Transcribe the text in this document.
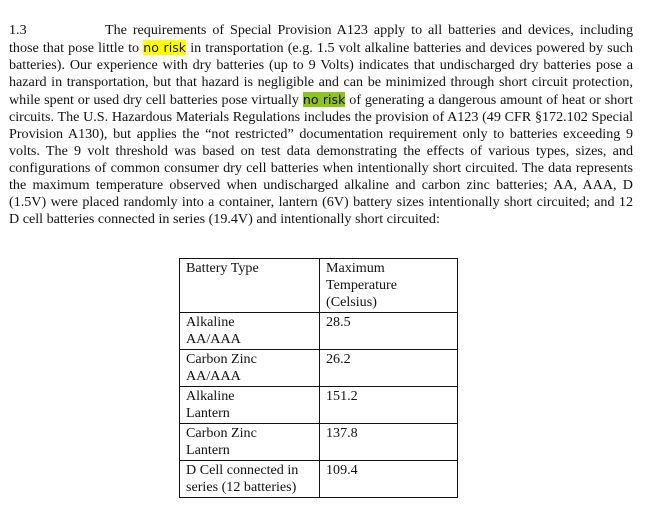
1.3	The requirements of Special Provision A123 apply to all batteries and devices, including those that pose little to no risk in transportation (e.g. 1.5 volt alkaline batteries and devices powered by such batteries). Our experience with dry batteries (up to 9 Volts) indicates that undischarged dry batteries pose a hazard in transportation, but that hazard is negligible and can be minimized through short circuit protection, while spent or used dry cell batteries pose virtually no risk of generating a dangerous amount of heat or short circuits. The U.S. Hazardous Materials Regulations includes the provision of A123 (49 CFR §172.102 Special Provision A130), but applies the “not restricted” documentation requirement only to batteries exceeding 9 volts. The 9 volt threshold was based on test data demonstrating the effects of various types, sizes, and configurations of common consumer dry cell batteries when intentionally short circuited. The data represents the maximum temperature observed when undischarged alkaline and carbon zinc batteries; AA, AAA, D (1.5V) were placed randomly into a container, lantern (6V) battery sizes intentionally short circuited; and 12 D cell batteries connected in series (19.4V) and intentionally short circuited:

Battery Type	Maximum
Temperature
(Celsius)

Alkaline
AA/AAA	28.5

Carbon Zinc
AA/AAA	26.2

Alkaline
Lantern	151.2

Carbon Zinc
Lantern	137.8

D Cell connected in
series (12 batteries)	109.4
